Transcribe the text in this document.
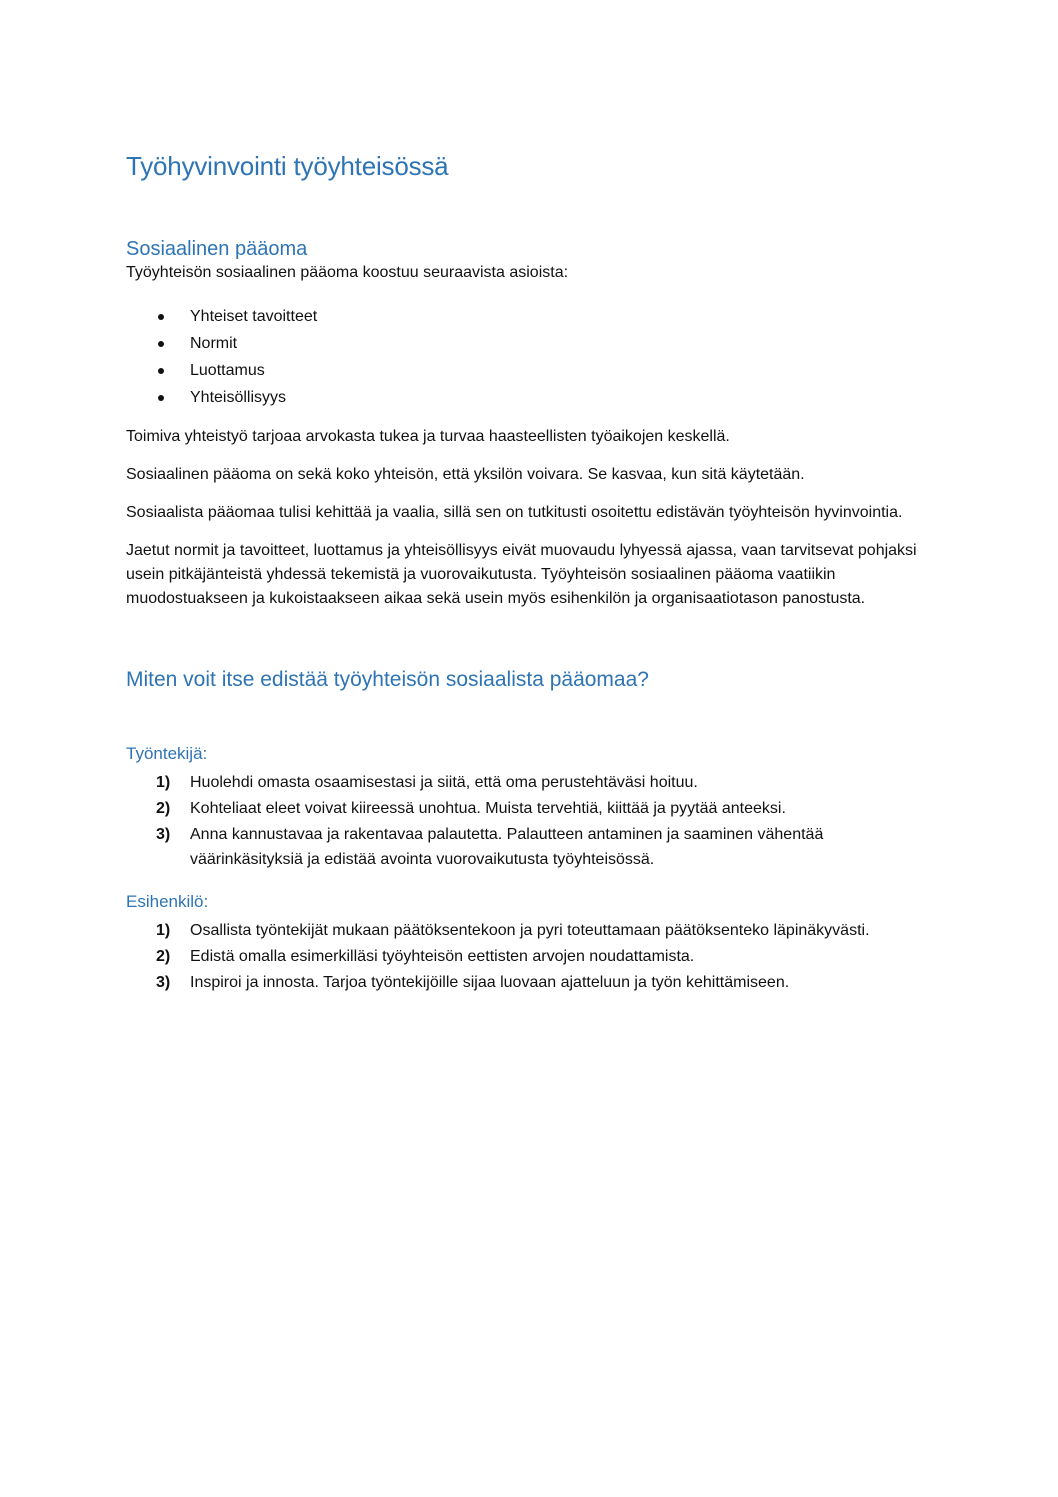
Työhyvinvointi työyhteisössä
Sosiaalinen pääoma

Työyhteisön sosiaalinen pääoma koostuu seuraavista asioista:

Yhteiset tavoitteet
Normit
Luottamus
Yhteisöllisyys

Toimiva yhteistyö tarjoaa arvokasta tukea ja turvaa haasteellisten työaikojen keskellä.

Sosiaalinen pääoma on sekä koko yhteisön, että yksilön voivara. Se kasvaa, kun sitä käytetään.

Sosiaalista pääomaa tulisi kehittää ja vaalia, sillä sen on tutkitusti osoitettu edistävän työyhteisön hyvinvointia.

Jaetut normit ja tavoitteet, luottamus ja yhteisöllisyys eivät muovaudu lyhyessä ajassa, vaan tarvitsevat pohjaksi usein pitkäjänteistä yhdessä tekemistä ja vuorovaikutusta. Työyhteisön sosiaalinen pääoma vaatiikin muodostuakseen ja kukoistaakseen aikaa sekä usein myös esihenkilön ja organisaatiotason panostusta.

Miten voit itse edistää työyhteisön sosiaalista pääomaa?
Työntekijä:
1) Huolehdi omasta osaamisestasi ja siitä, että oma perustehtäväsi hoituu.
2) Kohteliaat eleet voivat kiireessä unohtua. Muista tervehtiä, kiittää ja pyytää anteeksi.
3) Anna kannustavaa ja rakentavaa palautetta. Palautteen antaminen ja saaminen vähentää väärinkäsityksiä ja edistää avointa vuorovaikutusta työyhteisössä.
Esihenkilö:
1) Osallista työntekijät mukaan päätöksentekoon ja pyri toteuttamaan päätöksenteko läpinäkyvästi.
2) Edistä omalla esimerkilläsi työyhteisön eettisten arvojen noudattamista.
3) Inspiroi ja innosta. Tarjoa työntekijöille sijaa luovaan ajatteluun ja työn kehittämiseen.
